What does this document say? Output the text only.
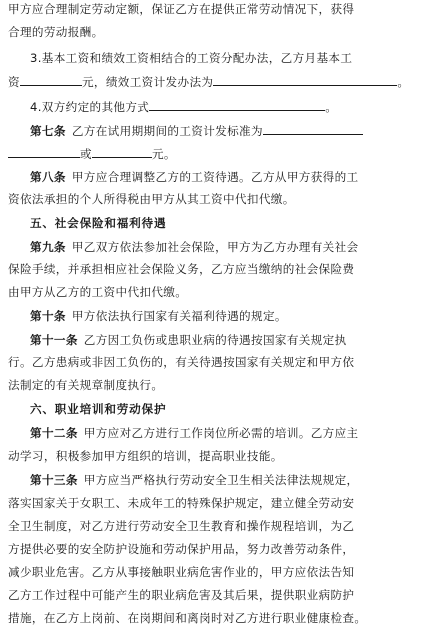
甲方应合理制定劳动定额，保证乙方在提供正常劳动情况下，获得
合理的劳动报酬。
3.基本工资和绩效工资相结合的工资分配办法，乙方月基本工
资	元，绩效工资计发办法为	。
4.双方约定的其他方式	。
第七条 乙方在试用期期间的工资计发标准为
或	元。
第八条 甲方应合理调整乙方的工资待遇。乙方从甲方获得的工
资依法承担的个人所得税由甲方从其工资中代扣代缴。
五、社会保险和福利待遇
第九条 甲乙双方依法参加社会保险，甲方为乙方办理有关社会
保险手续，并承担相应社会保险义务，乙方应当缴纳的社会保险费
由甲方从乙方的工资中代扣代缴。
第十条 甲方依法执行国家有关福利待遇的规定。
第十一条 乙方因工负伤或患职业病的待遇按国家有关规定执
行。乙方患病或非因工负伤的，有关待遇按国家有关规定和甲方依
法制定的有关规章制度执行。
六、职业培训和劳动保护
第十二条 甲方应对乙方进行工作岗位所必需的培训。乙方应主
动学习，积极参加甲方组织的培训，提高职业技能。
第十三条 甲方应当严格执行劳动安全卫生相关法律法规规定，
落实国家关于女职工、未成年工的特殊保护规定，建立健全劳动安
全卫生制度，对乙方进行劳动安全卫生教育和操作规程培训，为乙
方提供必要的安全防护设施和劳动保护用品，努力改善劳动条件，
减少职业危害。乙方从事接触职业病危害作业的，甲方应依法告知
乙方工作过程中可能产生的职业病危害及其后果，提供职业病防护
措施，在乙方上岗前、在岗期间和离岗时对乙方进行职业健康检查。
